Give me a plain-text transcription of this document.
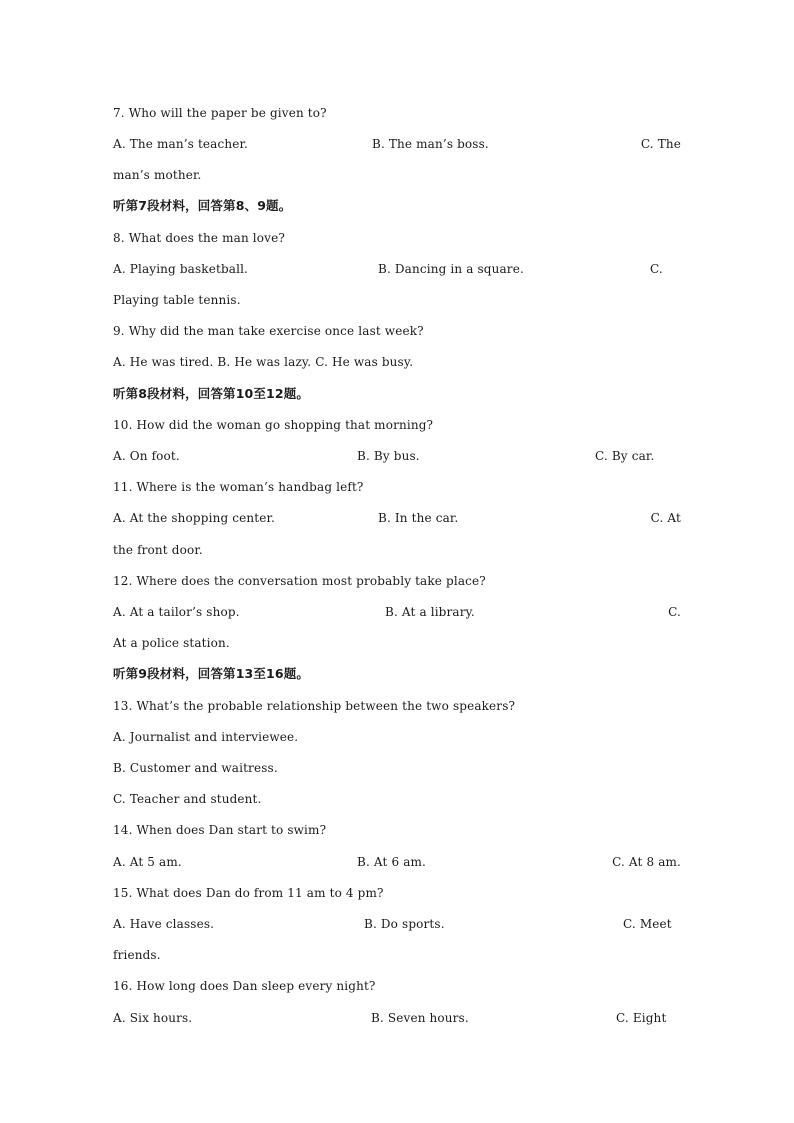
7. Who will the paper be given to?
A. The man’s teacher.	B. The man’s boss.	C. The
man’s mother.
听第7段材料，回答第8、9题。
8. What does the man love?
A. Playing basketball.	B. Dancing in a square.	C.
Playing table tennis.
9. Why did the man take exercise once last week?
A. He was tired. B. He was lazy. C. He was busy.
听第8段材料，回答第10至12题。
10. How did the woman go shopping that morning?
A. On foot.	B. By bus.	C. By car.
11. Where is the woman’s handbag left?
A. At the shopping center.	B. In the car.	C. At
the front door.
12. Where does the conversation most probably take place?
A. At a tailor’s shop.	B. At a library.	C.
At a police station.
听第9段材料，回答第13至16题。
13. What’s the probable relationship between the two speakers?
A. Journalist and interviewee.
B. Customer and waitress.
C. Teacher and student.
14. When does Dan start to swim?
A. At 5 am.	B. At 6 am.	C. At 8 am.
15. What does Dan do from 11 am to 4 pm?
A. Have classes.	B. Do sports.	C. Meet
friends.
16. How long does Dan sleep every night?
A. Six hours.	B. Seven hours.	C. Eight
